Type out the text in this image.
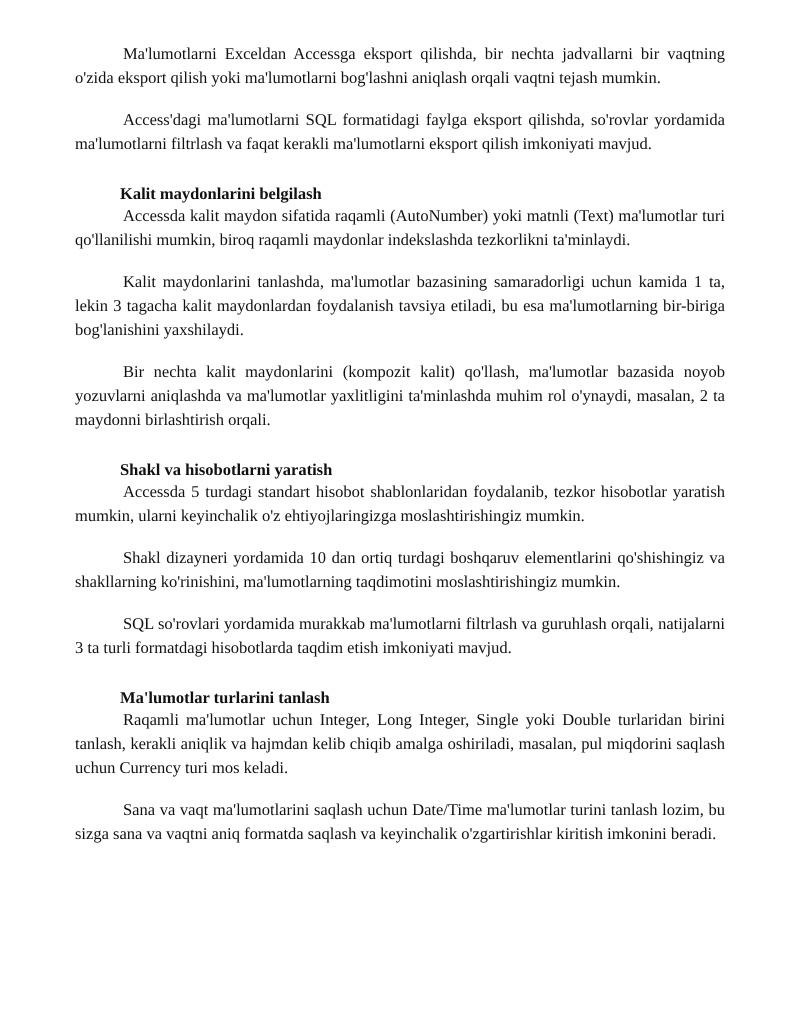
Ma'lumotlarni Exceldan Accessga eksport qilishda, bir nechta jadvallarni bir vaqtning o'zida eksport qilish yoki ma'lumotlarni bog'lashni aniqlash orqali vaqtni tejash mumkin.

Access'dagi ma'lumotlarni SQL formatidagi faylga eksport qilishda, so'rovlar yordamida ma'lumotlarni filtrlash va faqat kerakli ma'lumotlarni eksport qilish imkoniyati mavjud.

Kalit maydonlarini belgilash

Accessda kalit maydon sifatida raqamli (AutoNumber) yoki matnli (Text) ma'lumotlar turi qo'llanilishi mumkin, biroq raqamli maydonlar indekslashda tezkorlikni ta'minlaydi.

Kalit maydonlarini tanlashda, ma'lumotlar bazasining samaradorligi uchun kamida 1 ta, lekin 3 tagacha kalit maydonlardan foydalanish tavsiya etiladi, bu esa ma'lumotlarning bir-biriga bog'lanishini yaxshilaydi.

Bir nechta kalit maydonlarini (kompozit kalit) qo'llash, ma'lumotlar bazasida noyob yozuvlarni aniqlashda va ma'lumotlar yaxlitligini ta'minlashda muhim rol o'ynaydi, masalan, 2 ta maydonni birlashtirish orqali.

Shakl va hisobotlarni yaratish

Accessda 5 turdagi standart hisobot shablonlaridan foydalanib, tezkor hisobotlar yaratish mumkin, ularni keyinchalik o'z ehtiyojlaringizga moslashtirishingiz mumkin.

Shakl dizayneri yordamida 10 dan ortiq turdagi boshqaruv elementlarini qo'shishingiz va shakllarning ko'rinishini, ma'lumotlarning taqdimotini moslashtirishingiz mumkin.

SQL so'rovlari yordamida murakkab ma'lumotlarni filtrlash va guruhlash orqali, natijalarni 3 ta turli formatdagi hisobotlarda taqdim etish imkoniyati mavjud.

Ma'lumotlar turlarini tanlash

Raqamli ma'lumotlar uchun Integer, Long Integer, Single yoki Double turlaridan birini tanlash, kerakli aniqlik va hajmdan kelib chiqib amalga oshiriladi, masalan, pul miqdorini saqlash uchun Currency turi mos keladi.

Sana va vaqt ma'lumotlarini saqlash uchun Date/Time ma'lumotlar turini tanlash lozim, bu sizga sana va vaqtni aniq formatda saqlash va keyinchalik o'zgartirishlar kiritish imkonini beradi.
